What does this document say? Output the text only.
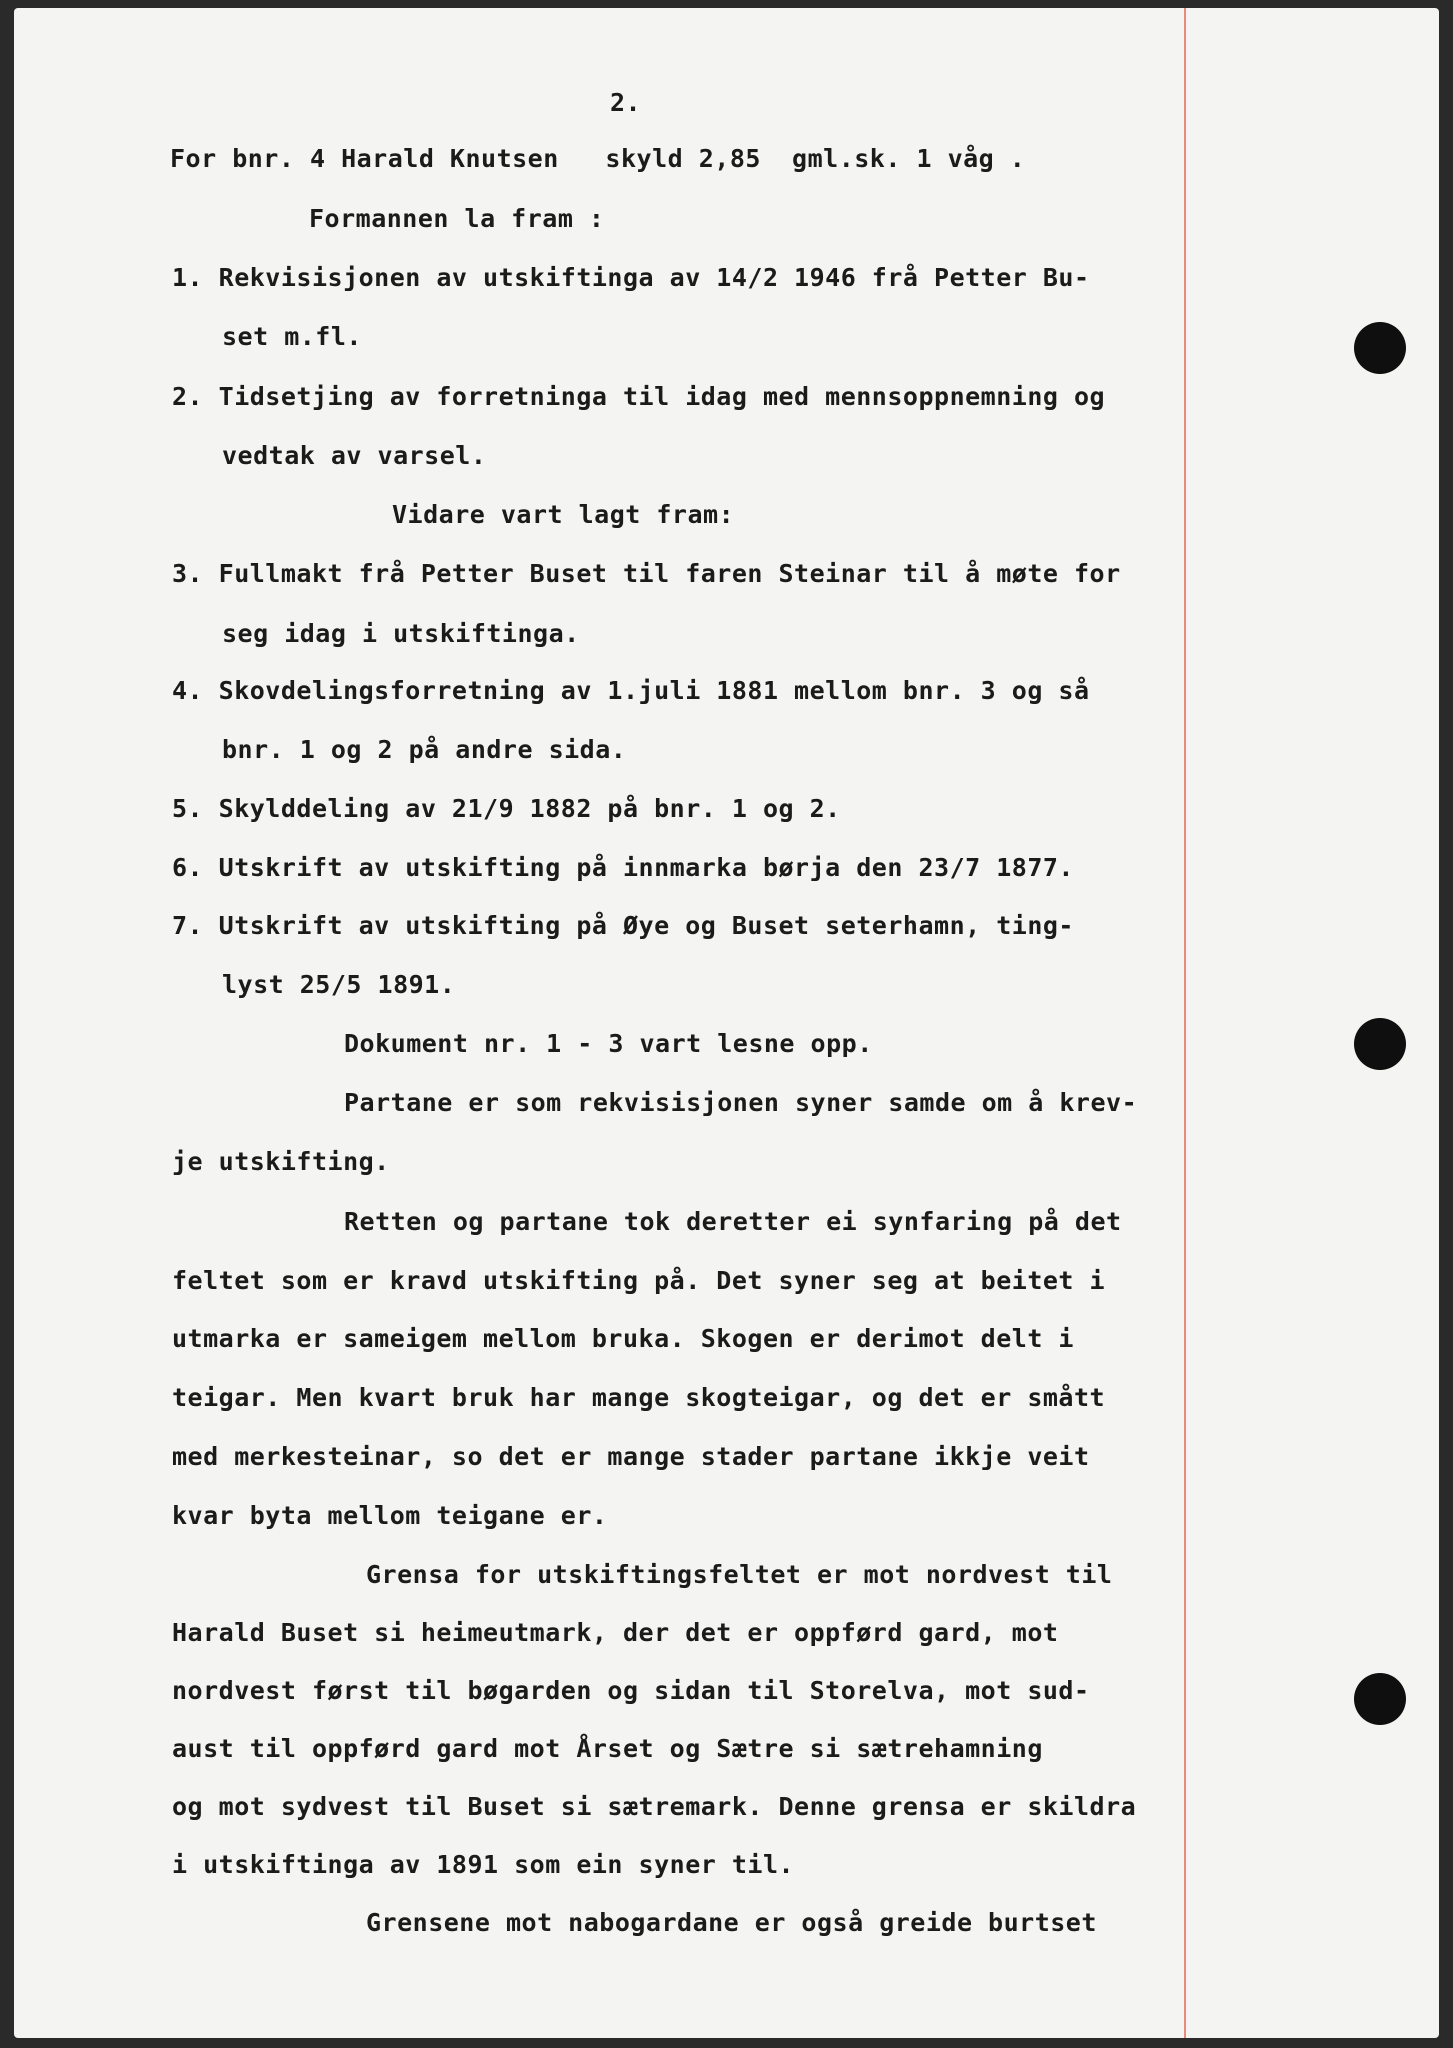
2.
For bnr. 4 Harald Knutsen   skyld 2,85  gml.sk. 1 våg .
Formannen la fram :
1. Rekvisisjonen av utskiftinga av 14/2 1946 frå Petter Bu-
set m.fl.
2. Tidsetjing av forretninga til idag med mennsoppnemning og
vedtak av varsel.
Vidare vart lagt fram:
3. Fullmakt frå Petter Buset til faren Steinar til å møte for
seg idag i utskiftinga.
4. Skovdelingsforretning av 1.juli 1881 mellom bnr. 3 og så
bnr. 1 og 2 på andre sida.
5. Skylddeling av 21/9 1882 på bnr. 1 og 2.
6. Utskrift av utskifting på innmarka børja den 23/7 1877.
7. Utskrift av utskifting på Øye og Buset seterhamn, ting-
lyst 25/5 1891.
Dokument nr. 1 - 3 vart lesne opp.
Partane er som rekvisisjonen syner samde om å krev-
je utskifting.
Retten og partane tok deretter ei synfaring på det
feltet som er kravd utskifting på. Det syner seg at beitet i
utmarka er sameigem mellom bruka. Skogen er derimot delt i
teigar. Men kvart bruk har mange skogteigar, og det er smått
med merkesteinar, so det er mange stader partane ikkje veit
kvar byta mellom teigane er.
Grensa for utskiftingsfeltet er mot nordvest til
Harald Buset si heimeutmark, der det er oppførd gard, mot
nordvest først til bøgarden og sidan til Storelva, mot sud-
aust til oppførd gard mot Årset og Sætre si sætrehamning
og mot sydvest til Buset si sætremark. Denne grensa er skildra
i utskiftinga av 1891 som ein syner til.
Grensene mot nabogardane er også greide burtset
